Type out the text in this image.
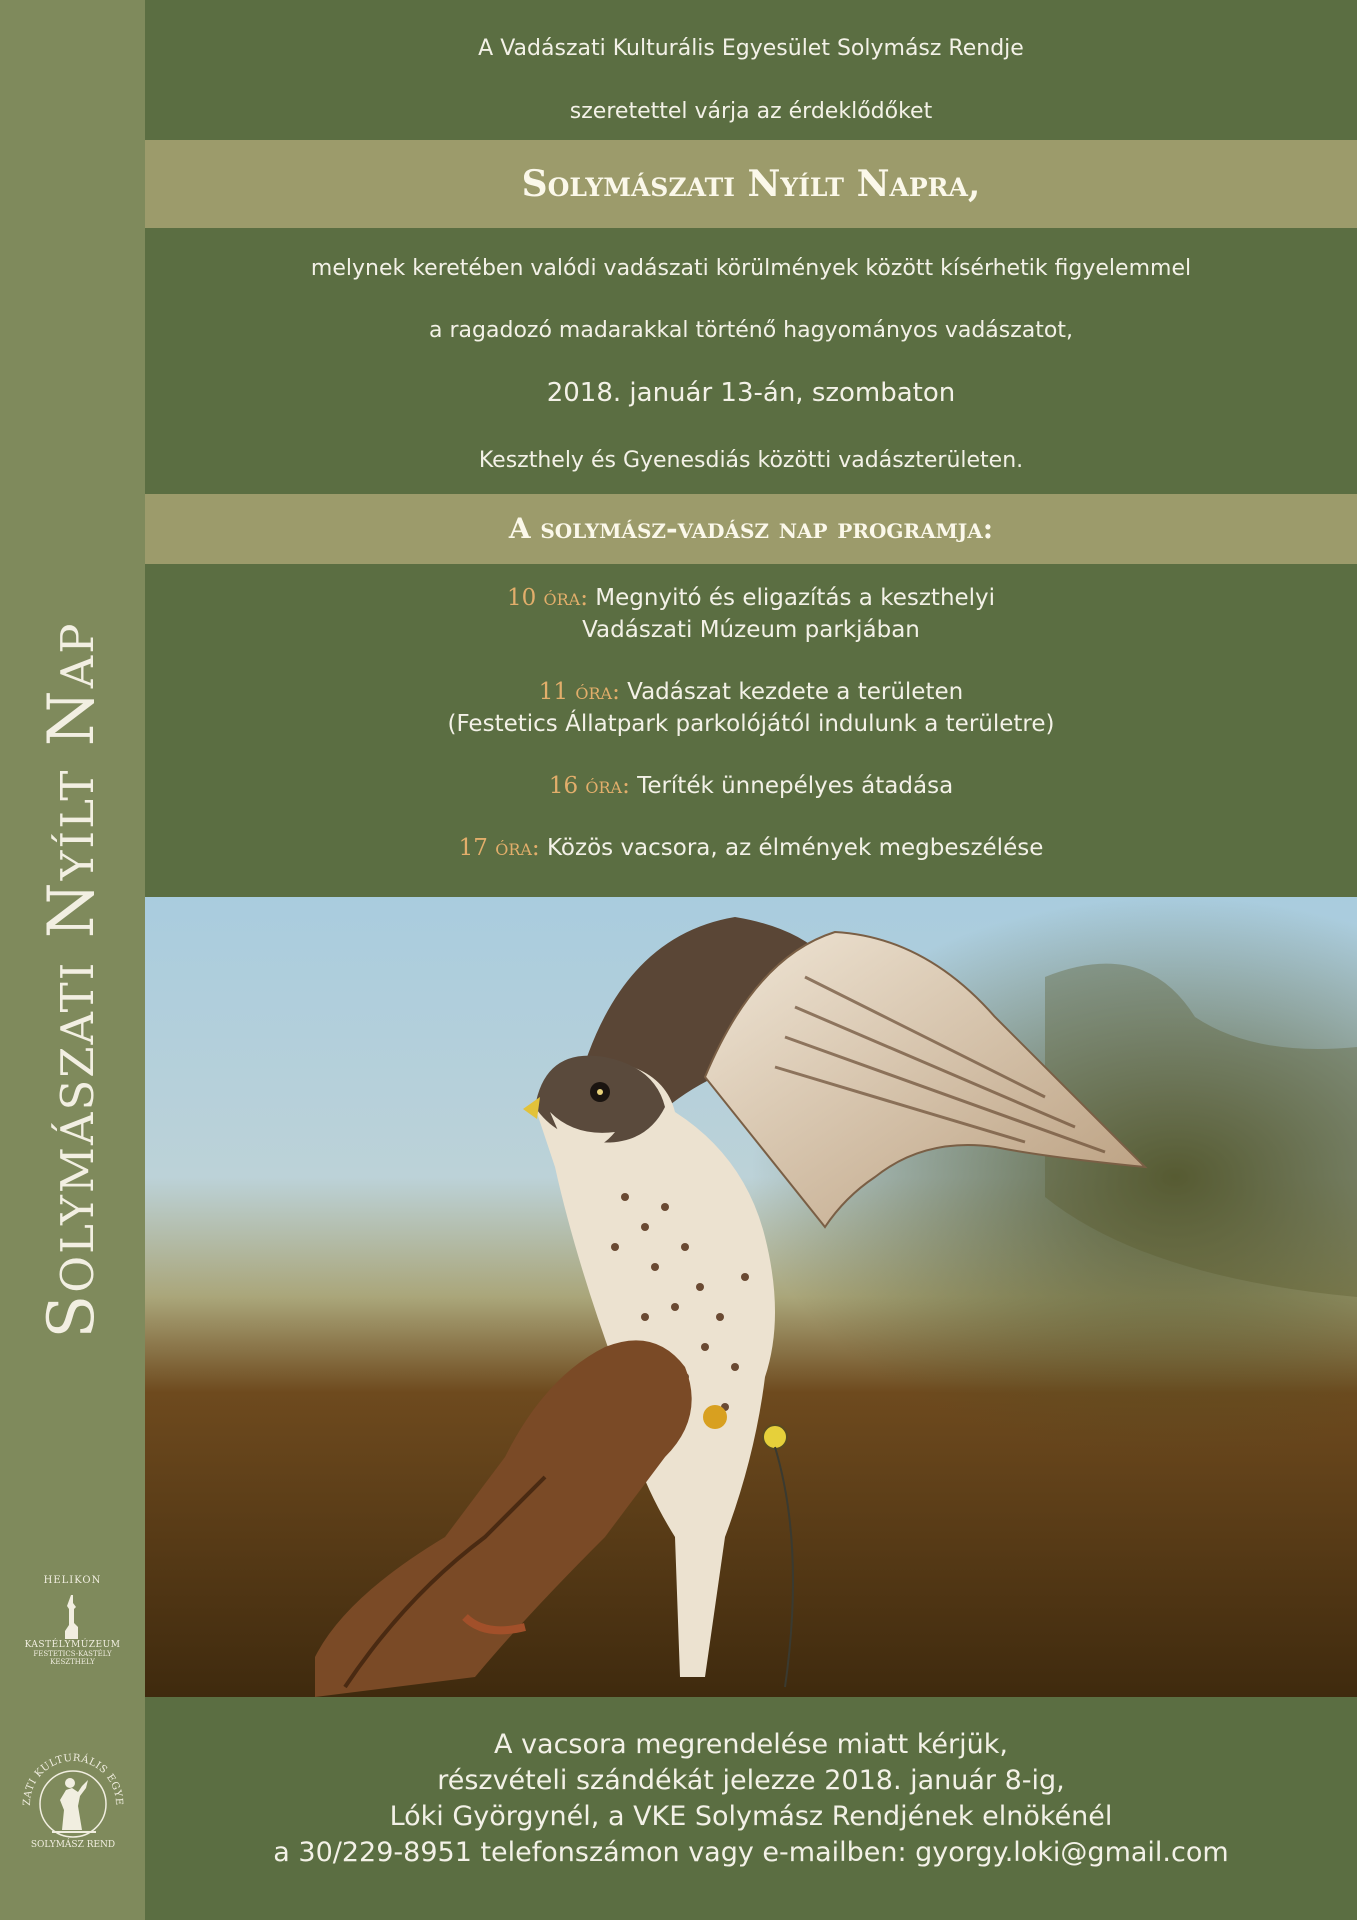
Solymászati Nyílt Nap
HELIKON
KASTÉLYMÚZEUM
FESTETICS-KASTÉLY
KESZTHELY
ZATI KULTURÁLIS EGYE
SOLYMÁSZ REND
A Vadászati Kulturális Egyesület Solymász Rendje
szeretettel várja az érdeklődőket
Solymászati Nyílt Napra,
melynek keretében valódi vadászati körülmények között kísérhetik figyelemmel
a ragadozó madarakkal történő hagyományos vadászatot,
2018. január 13-án, szombaton
Keszthely és Gyenesdiás közötti vadászterületen.
A solymász-vadász nap programja:
10 óra: Megnyitó és eligazítás a keszthelyi
Vadászati Múzeum parkjában
11 óra: Vadászat kezdete a területen
(Festetics Állatpark parkolójától indulunk a területre)
16 óra: Teríték ünnepélyes átadása
17 óra: Közös vacsora, az élmények megbeszélése
A vacsora megrendelése miatt kérjük,
részvételi szándékát jelezze 2018. január 8-ig,
Lóki Györgynél, a VKE Solymász Rendjének elnökénél
a 30/229-8951 telefonszámon vagy e-mailben: gyorgy.loki@gmail.com
